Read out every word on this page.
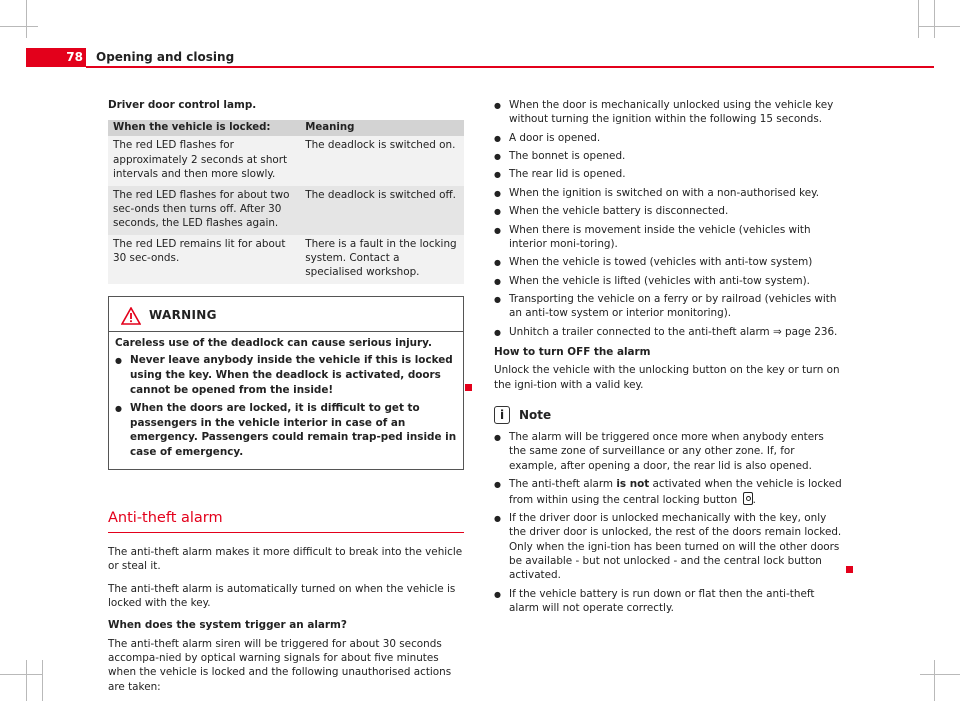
78 Opening and closing
Driver door control lamp.
When the vehicle is locked:	Meaning
The red LED flashes for approximately 2 seconds at short intervals and then more slowly.	The deadlock is switched on.
The red LED flashes for about two sec-onds then turns off. After 30 seconds, the LED flashes again.	The deadlock is switched off.
The red LED remains lit for about 30 sec-onds.	There is a fault in the locking system. Contact a specialised workshop.
WARNING

Careless use of the deadlock can cause serious injury.

● Never leave anybody inside the vehicle if this is locked using the key. When the deadlock is activated, doors cannot be opened from the inside!
● When the doors are locked, it is difficult to get to passengers in the vehicle interior in case of an emergency. Passengers could remain trap-ped inside in case of emergency.
Anti-theft alarm

The anti-theft alarm makes it more difficult to break into the vehicle or steal it.

The anti-theft alarm is automatically turned on when the vehicle is locked with the key.

When does the system trigger an alarm?

The anti-theft alarm siren will be triggered for about 30 seconds accompa-nied by optical warning signals for about five minutes when the vehicle is locked and the following unauthorised actions are taken:

● When the door is mechanically unlocked using the vehicle key without turning the ignition within the following 15 seconds.
● A door is opened.
● The bonnet is opened.
● The rear lid is opened.
● When the ignition is switched on with a non-authorised key.
● When the vehicle battery is disconnected.
● When there is movement inside the vehicle (vehicles with interior moni-toring).
● When the vehicle is towed (vehicles with anti-tow system)
● When the vehicle is lifted (vehicles with anti-tow system).
● Transporting the vehicle on a ferry or by railroad (vehicles with an anti-tow system or interior monitoring).
● Unhitch a trailer connected to the anti-theft alarm ⇒ page 236.

How to turn OFF the alarm

Unlock the vehicle with the unlocking button on the key or turn on the igni-tion with a valid key.

i	Note
● The alarm will be triggered once more when anybody enters the same zone of surveillance or any other zone. If, for example, after opening a door, the rear lid is also opened.
● The anti-theft alarm is not activated when the vehicle is locked from within using the central locking button .
● If the driver door is unlocked mechanically with the key, only the driver door is unlocked, the rest of the doors remain locked. Only when the igni-tion has been turned on will the other doors be available - but not unlocked - and the central lock button activated.
● If the vehicle battery is run down or flat then the anti-theft alarm will not operate correctly.
